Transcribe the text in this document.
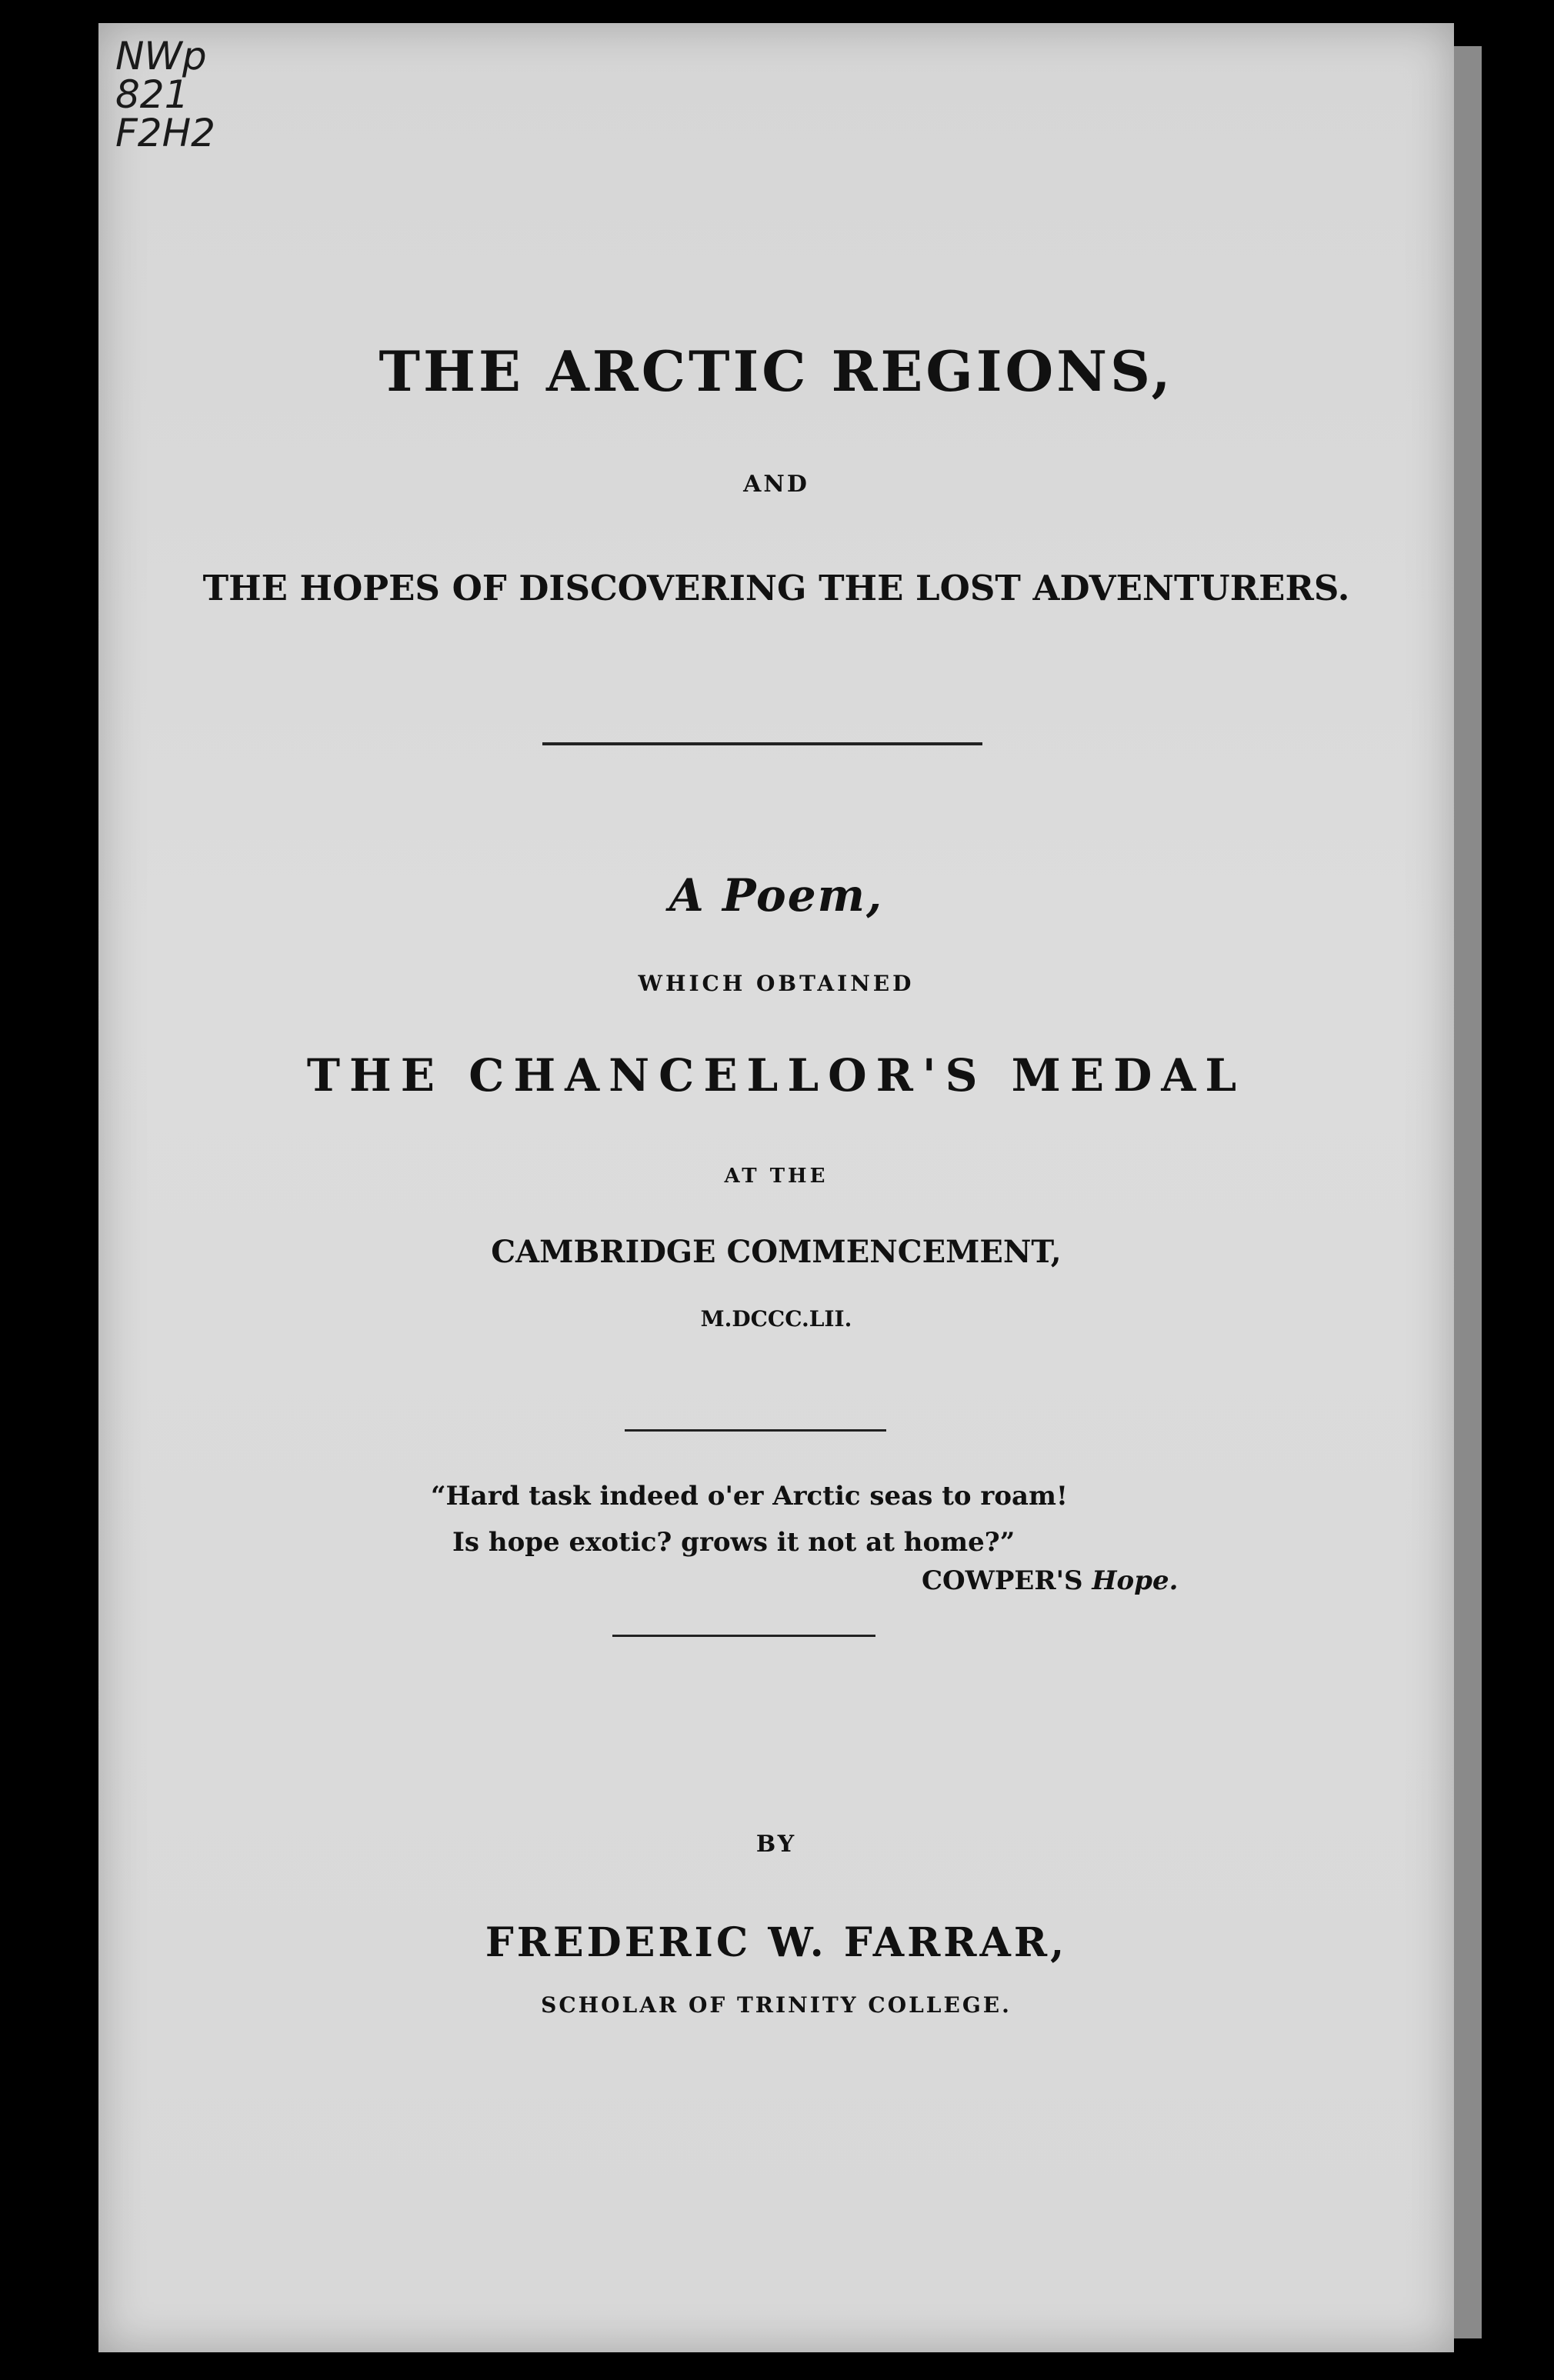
NWp
821
F2H2
THE ARCTIC REGIONS,
AND
THE HOPES OF DISCOVERING THE LOST ADVENTURERS.
A Poem,
WHICH OBTAINED
THE CHANCELLOR'S MEDAL
AT THE
CAMBRIDGE COMMENCEMENT,
M.DCCC.LII.
“Hard task indeed o'er Arctic seas to roam!
Is hope exotic? grows it not at home?”
COWPER'S Hope.
BY
FREDERIC W. FARRAR,
SCHOLAR OF TRINITY COLLEGE.
